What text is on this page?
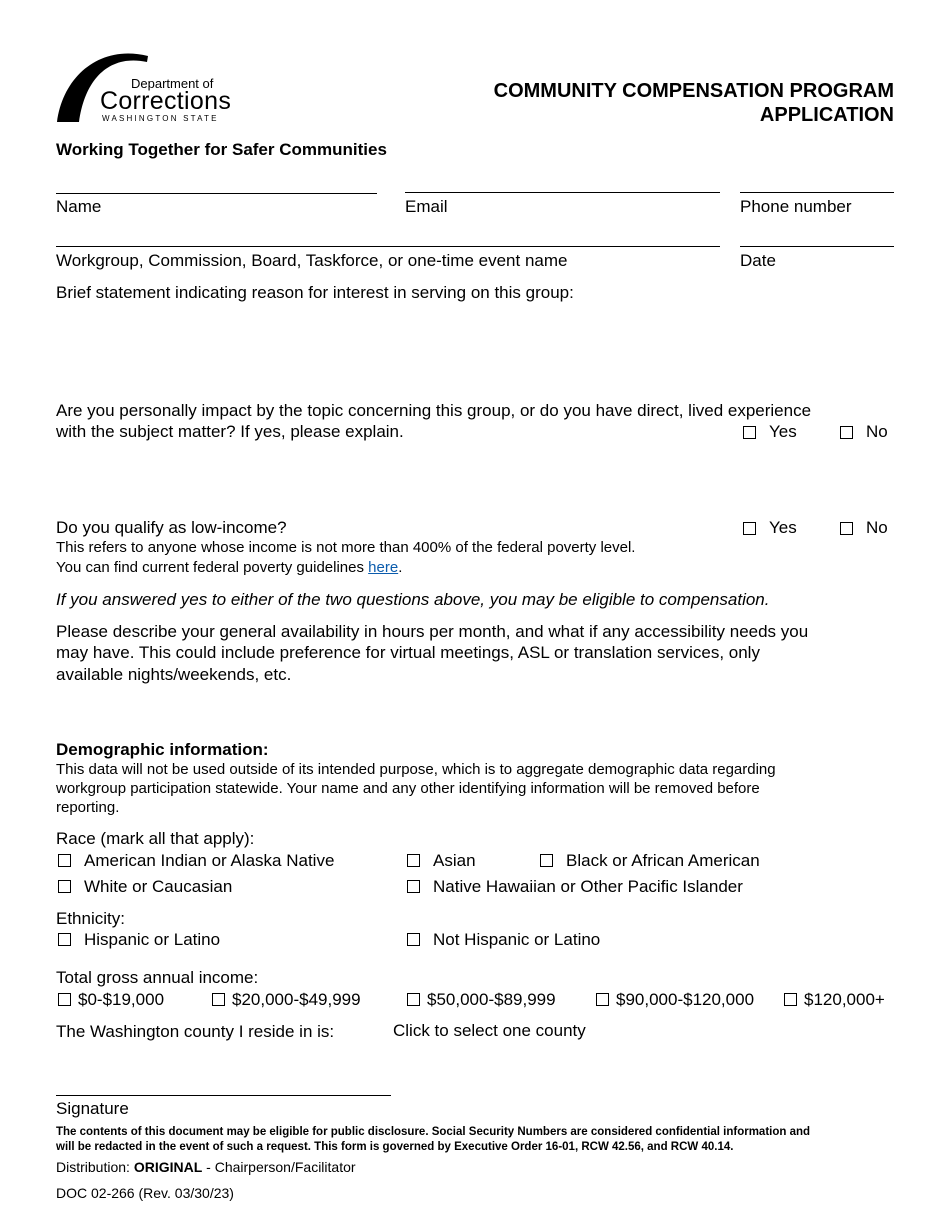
Department of
Corrections
WASHINGTON STATE
COMMUNITY COMPENSATION PROGRAM
APPLICATION
Working Together for Safer Communities
Name	Email	Phone number
Workgroup, Commission, Board, Taskforce, or one-time event name	Date
Brief statement indicating reason for interest in serving on this group:
Are you personally impact by the topic concerning this group, or do you have direct, lived experience
with the subject matter? If yes, please explain.	Yes	No
Do you qualify as low-income?	Yes	No
This refers to anyone whose income is not more than 400% of the federal poverty level.
You can find current federal poverty guidelines here.
If you answered yes to either of the two questions above, you may be eligible to compensation.
Please describe your general availability in hours per month, and what if any accessibility needs you
may have. This could include preference for virtual meetings, ASL or translation services, only
available nights/weekends, etc.
Demographic information:
This data will not be used outside of its intended purpose, which is to aggregate demographic data regarding
workgroup participation statewide. Your name and any other identifying information will be removed before
reporting.
Race (mark all that apply):
American Indian or Alaska Native	Asian	Black or African American
White or Caucasian	Native Hawaiian or Other Pacific Islander
Ethnicity:
Hispanic or Latino	Not Hispanic or Latino
Total gross annual income:
$0-$19,000	$20,000-$49,999	$50,000-$89,999	$90,000-$120,000	$120,000+
The Washington county I reside in is:	Click to select one county
Signature
The contents of this document may be eligible for public disclosure. Social Security Numbers are considered confidential information and
will be redacted in the event of such a request. This form is governed by Executive Order 16-01, RCW 42.56, and RCW 40.14.
Distribution: ORIGINAL - Chairperson/Facilitator
DOC 02-266 (Rev. 03/30/23)
